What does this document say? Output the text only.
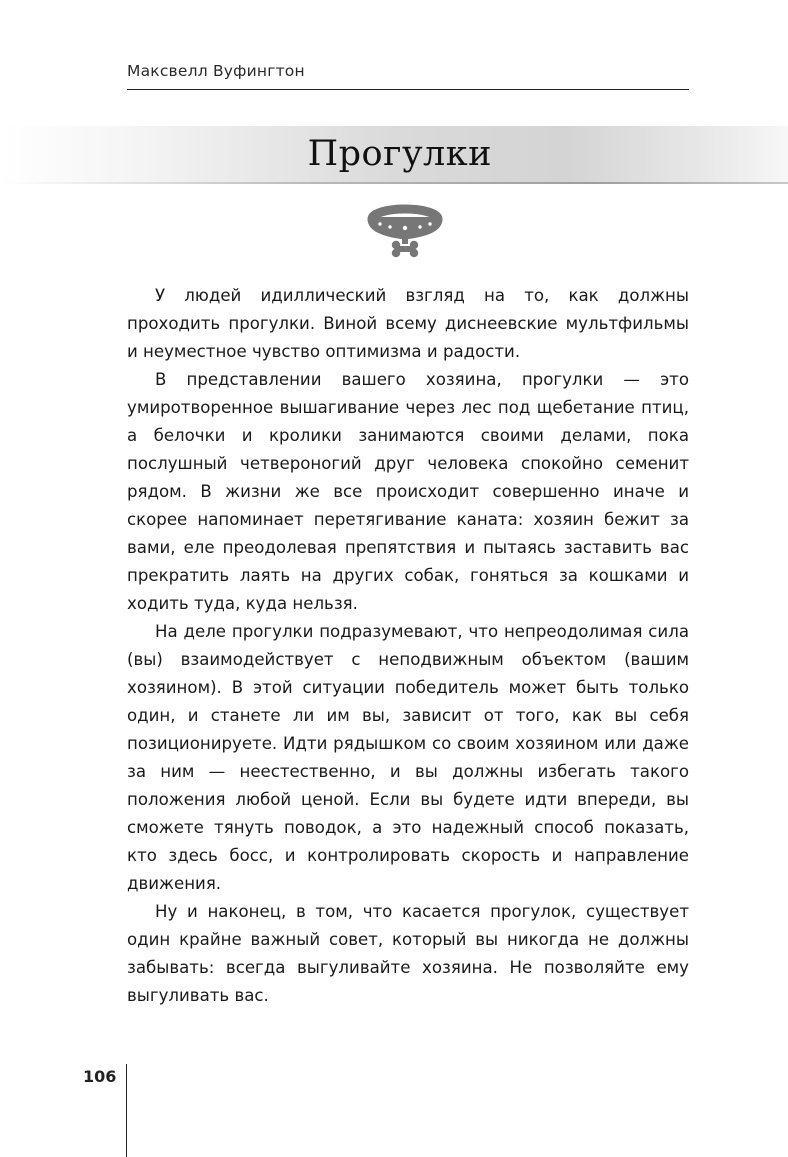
Максвелл Вуфингтон
Прогулки

У людей идиллический взгляд на то, как должны проходить прогулки. Виной всему диснеевские мультфильмы и неуместное чувство оптимизма и радости.

В представлении вашего хозяина, прогулки — это умиротворенное вышагивание через лес под щебетание птиц, а белочки и кролики занимаются своими делами, пока послушный четвероногий друг человека спокойно семенит рядом. В жизни же все происходит совершенно иначе и скорее напоминает перетягивание каната: хозяин бежит за вами, еле преодолевая препятствия и пытаясь заставить вас прекратить лаять на других собак, гоняться за кошками и ходить туда, куда нельзя.

На деле прогулки подразумевают, что непреодолимая сила (вы) взаимодействует с неподвижным объектом (вашим хозяином). В этой ситуации победитель может быть только один, и станете ли им вы, зависит от того, как вы себя позиционируете. Идти рядышком со своим хозяином или даже за ним — неестественно, и вы должны избегать такого положения любой ценой. Если вы будете идти впереди, вы сможете тянуть поводок, а это надежный способ показать, кто здесь босс, и контролировать скорость и направление движения.

Ну и наконец, в том, что касается прогулок, существует один крайне важный совет, который вы никогда не должны забывать: всегда выгуливайте хозяина. Не позволяйте ему выгуливать вас.

106
